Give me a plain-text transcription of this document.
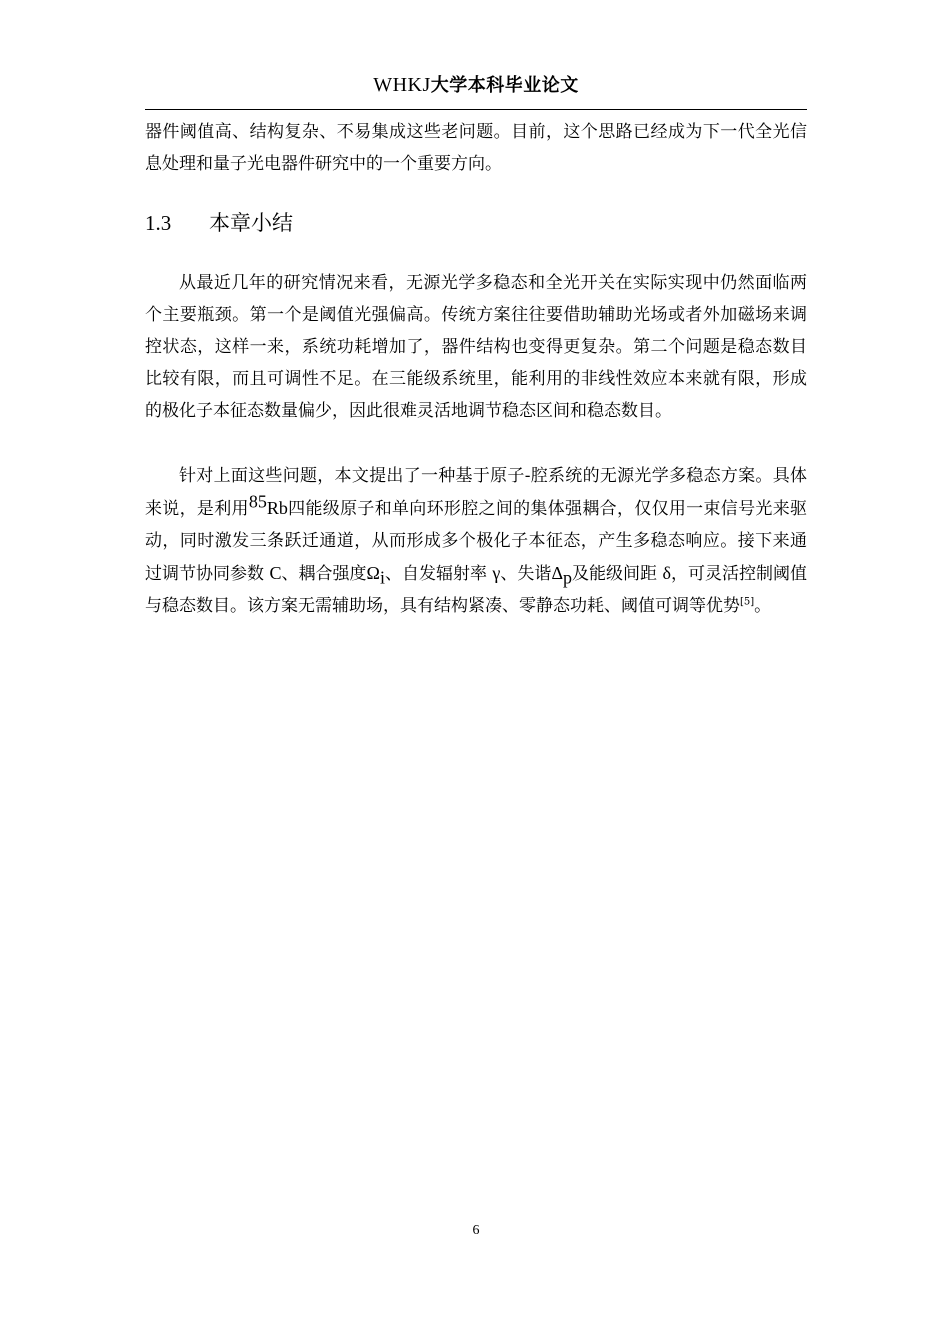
WHKJ大学本科毕业论文
器件阈值高、结构复杂、不易集成这些老问题。目前，这个思路已经成为下一代全光信息处理和量子光电器件研究中的一个重要方向。
1.3 本章小结
从最近几年的研究情况来看，无源光学多稳态和全光开关在实际实现中仍然面临两个主要瓶颈。第一个是阈值光强偏高。传统方案往往要借助辅助光场或者外加磁场来调控状态，这样一来，系统功耗增加了，器件结构也变得更复杂。第二个问题是稳态数目比较有限，而且可调性不足。在三能级系统里，能利用的非线性效应本来就有限，形成的极化子本征态数量偏少，因此很难灵活地调节稳态区间和稳态数目。
针对上面这些问题，本文提出了一种基于原子-腔系统的无源光学多稳态方案。具体来说，是利用$^{85}$Rb四能级原子和单向环形腔之间的集体强耦合，仅仅用一束信号光来驱动，同时激发三条跃迁通道，从而形成多个极化子本征态，产生多稳态响应。接下来通过调节协同参数 C、耦合强度$\Omega_i$、自发辐射率 γ、失谐$\Delta_p$及能级间距 δ，可灵活控制阈值与稳态数目。该方案无需辅助场，具有结构紧凑、零静态功耗、阈值可调等优势[5]。
6
